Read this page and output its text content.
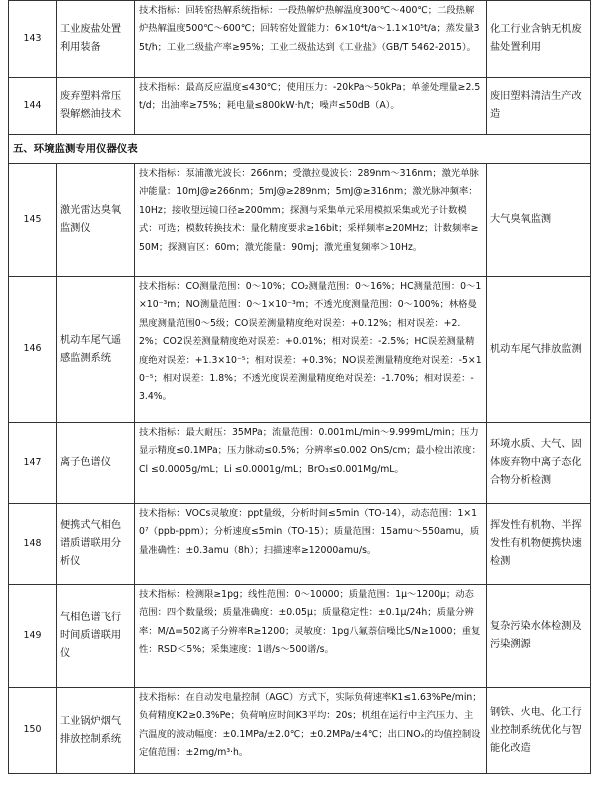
143	工业废盐处置利用装备	技术指标：回转窑热解系统指标：一段热解炉热解温度300℃～400℃；二段热解炉热解温度500℃～600℃；回转窑处置能力：6×10⁴t/a～1.1×10⁵t/a；蒸发量35t/h；工业二级盐产率≥95%；工业二级盐达到《工业盐》（GB/T 5462-2015）。	化工行业含钠无机废盐处置利用
144	废弃塑料常压裂解燃油技术	技术指标：最高反应温度≤430℃；使用压力：-20kPa～50kPa；单釜处理量≥2.5t/d；出油率≥75%；耗电量≤800kW·h/t；噪声≤50dB（A）。	废旧塑料清洁生产改造
五、环境监测专用仪器仪表			
145	激光雷达臭氧监测仪	技术指标：泵浦激光波长：266nm；受激拉曼波长：289nm～316nm；激光单脉冲能量：10mJ@≥266nm；5mJ@≥289nm；5mJ@≥316nm；激光脉冲频率：10Hz；接收望远镜口径≥200mm；探测与采集单元采用模拟采集或光子计数模式：可选；模数转换技术：量化精度要求≥16bit；采样频率≥20MHz；计数频率≥50M；探测盲区：60m；激光能量：90mj；激光重复频率＞10Hz。	大气臭氧监测
146	机动车尾气遥感监测系统	技术指标：CO测量范围：0～10%；CO₂测量范围：0～16%；HC测量范围：0～1×10⁻³m；NO测量范围：0～1×10⁻³m；不透光度测量范围：0～100%；林格曼黑度测量范围0～5级；CO误差测量精度绝对误差：+0.12%；相对误差：+2.2%；CO2误差测量精度绝对误差：+0.01%；相对误差：-2.5%；HC误差测量精度绝对误差：+1.3×10⁻⁵；相对误差：+0.3%；NO误差测量精度绝对误差：-5×10⁻⁵；相对误差：1.8%；不透光度误差测量精度绝对误差：-1.70%；相对误差：-3.4%。	机动车尾气排放监测
147	离子色谱仪	技术指标：最大耐压：35MPa；流量范围：0.001mL/min～9.999mL/min；压力显示精度≤0.1MPa；压力脉动≤0.5%；分辨率≤0.002 OnS/cm；最小检出浓度：Cl ≤0.0005g/mL；Li ≤0.0001g/mL；BrO₃≤0.001Mg/mL。	环境水质、大气、固体废弃物中离子态化合物分析检测
148	便携式气相色谱质谱联用分析仪	技术指标：VOCs灵敏度：ppt量级，分析时间≤5min（TO-14），动态范围：1×10⁷（ppb-ppm）；分析速度≤5min（TO-15）；质量范围：15amu～550amu，质量准确性：±0.3amu（8h）；扫描速率≥12000amu/s。	挥发性有机物、半挥发性有机物便携快速检测
149	气相色谱飞行时间质谱联用仪	技术指标：检测限≥1pg；线性范围：0～10000；质量范围：1μ～1200μ；动态范围：四个数量级；质量准确度：±0.05μ；质量稳定性：±0.1μ/24h；质量分辨率：M/Δ=502离子分辨率R≥1200；灵敏度：1pg八氟萘信噪比S/N≥1000；重复性：RSD＜5%；采集速度：1谱/s～500谱/s。	复杂污染水体检测及污染溯源
150	工业锅炉烟气排放控制系统	技术指标：在自动发电量控制（AGC）方式下，实际负荷速率K1≤1.63%Pe/min；负荷精度K2≥0.3%Pe；负荷响应时间K3平均：20s；机组在运行中主汽压力、主汽温度的波动幅度：±0.1MPa/±2.0℃；±0.2MPa/±4℃；出口NOₓ的均值控制设定值范围：±2mg/m³·h。	钢铁、火电、化工行业控制系统优化与智能化改造
